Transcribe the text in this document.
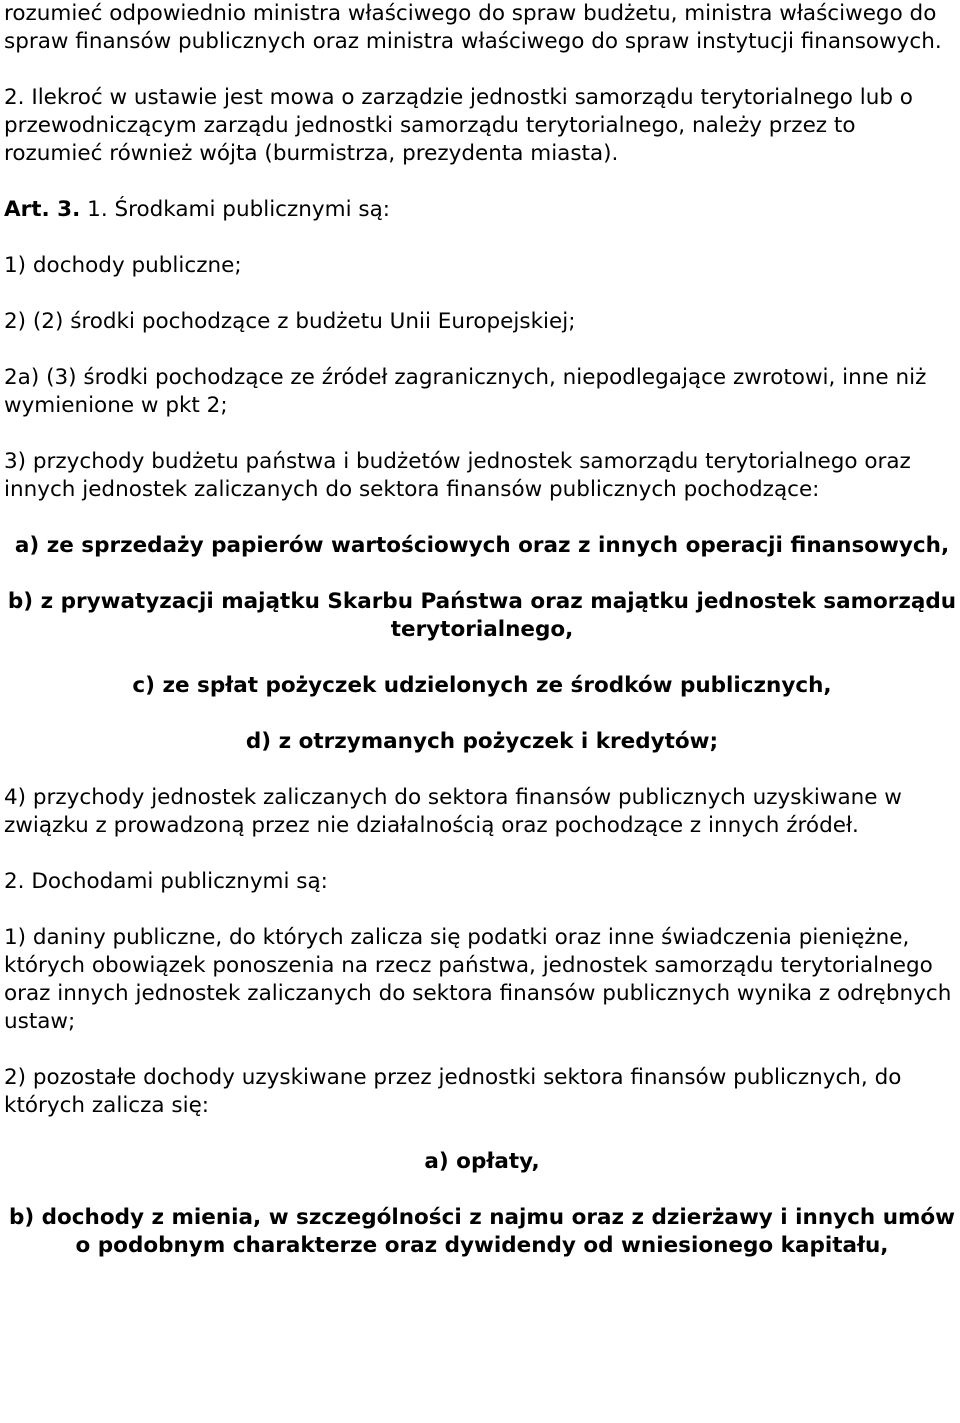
rozumieć odpowiednio ministra właściwego do spraw budżetu, ministra właściwego do spraw finansów publicznych oraz ministra właściwego do spraw instytucji finansowych.

2. Ilekroć w ustawie jest mowa o zarządzie jednostki samorządu terytorialnego lub o przewodniczącym zarządu jednostki samorządu terytorialnego, należy przez to rozumieć również wójta (burmistrza, prezydenta miasta).

Art. 3. 1. Środkami publicznymi są:

1) dochody publiczne;

2) (2) środki pochodzące z budżetu Unii Europejskiej;

2a) (3) środki pochodzące ze źródeł zagranicznych, niepodlegające zwrotowi, inne niż wymienione w pkt 2;

3) przychody budżetu państwa i budżetów jednostek samorządu terytorialnego oraz innych jednostek zaliczanych do sektora finansów publicznych pochodzące:

a) ze sprzedaży papierów wartościowych oraz z innych operacji finansowych,

b) z prywatyzacji majątku Skarbu Państwa oraz majątku jednostek samorządu terytorialnego,

c) ze spłat pożyczek udzielonych ze środków publicznych,

d) z otrzymanych pożyczek i kredytów;

4) przychody jednostek zaliczanych do sektora finansów publicznych uzyskiwane w związku z prowadzoną przez nie działalnością oraz pochodzące z innych źródeł.

2. Dochodami publicznymi są:

1) daniny publiczne, do których zalicza się podatki oraz inne świadczenia pieniężne, których obowiązek ponoszenia na rzecz państwa, jednostek samorządu terytorialnego oraz innych jednostek zaliczanych do sektora finansów publicznych wynika z odrębnych ustaw;

2) pozostałe dochody uzyskiwane przez jednostki sektora finansów publicznych, do których zalicza się:

a) opłaty,

b) dochody z mienia, w szczególności z najmu oraz z dzierżawy i innych umów o podobnym charakterze oraz dywidendy od wniesionego kapitału,
